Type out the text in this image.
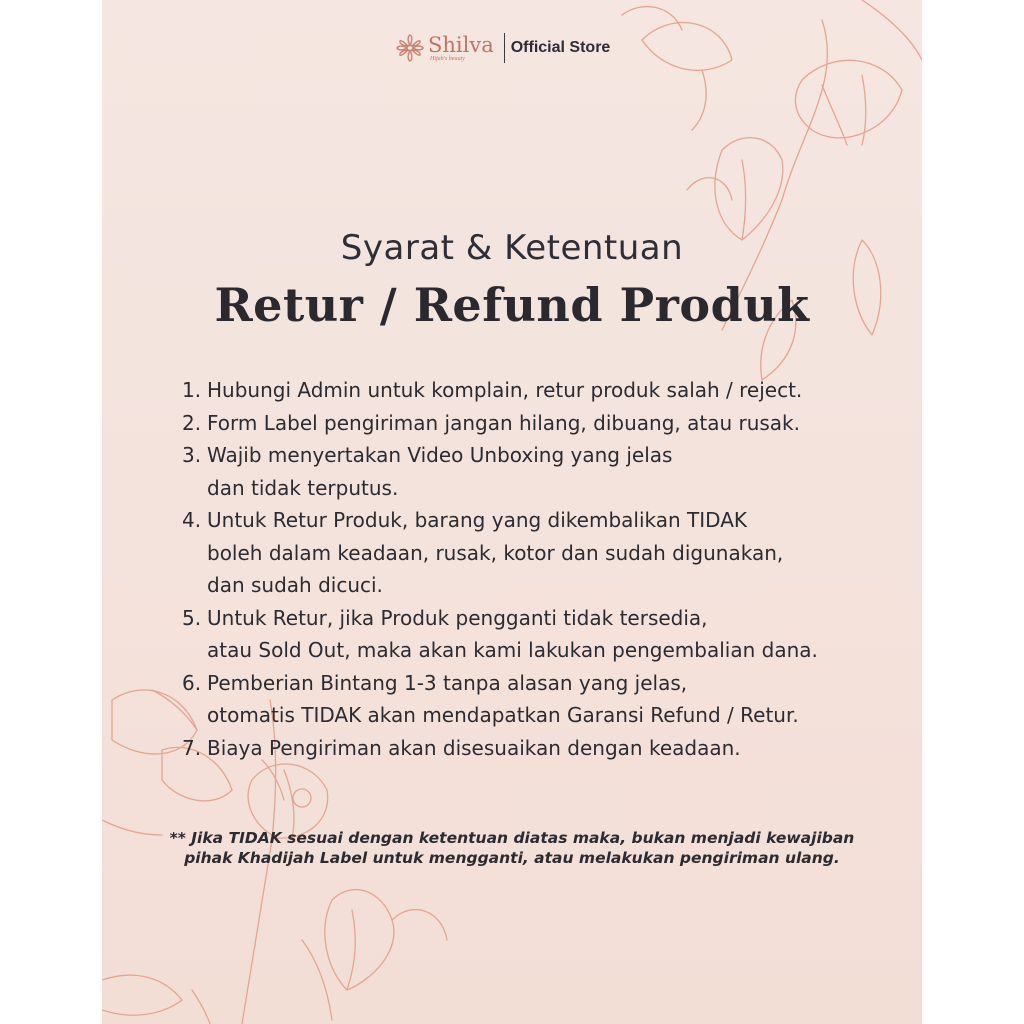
Shilva
Hijab's beauty
Official Store
Syarat & Ketentuan
Retur / Refund Produk
1. Hubungi Admin untuk komplain, retur produk salah / reject.
2. Form Label pengiriman jangan hilang, dibuang, atau rusak.
3. Wajib menyertakan Video Unboxing yang jelas
dan tidak terputus.
4. Untuk Retur Produk, barang yang dikembalikan TIDAK
boleh dalam keadaan, rusak, kotor dan sudah digunakan,
dan sudah dicuci.
5. Untuk Retur, jika Produk pengganti tidak tersedia,
atau Sold Out, maka akan kami lakukan pengembalian dana.
6. Pemberian Bintang 1-3 tanpa alasan yang jelas,
otomatis TIDAK akan mendapatkan Garansi Refund / Retur.
7. Biaya Pengiriman akan disesuaikan dengan keadaan.
** Jika TIDAK sesuai dengan ketentuan diatas maka, bukan menjadi kewajiban
pihak Khadijah Label untuk mengganti, atau melakukan pengiriman ulang.
